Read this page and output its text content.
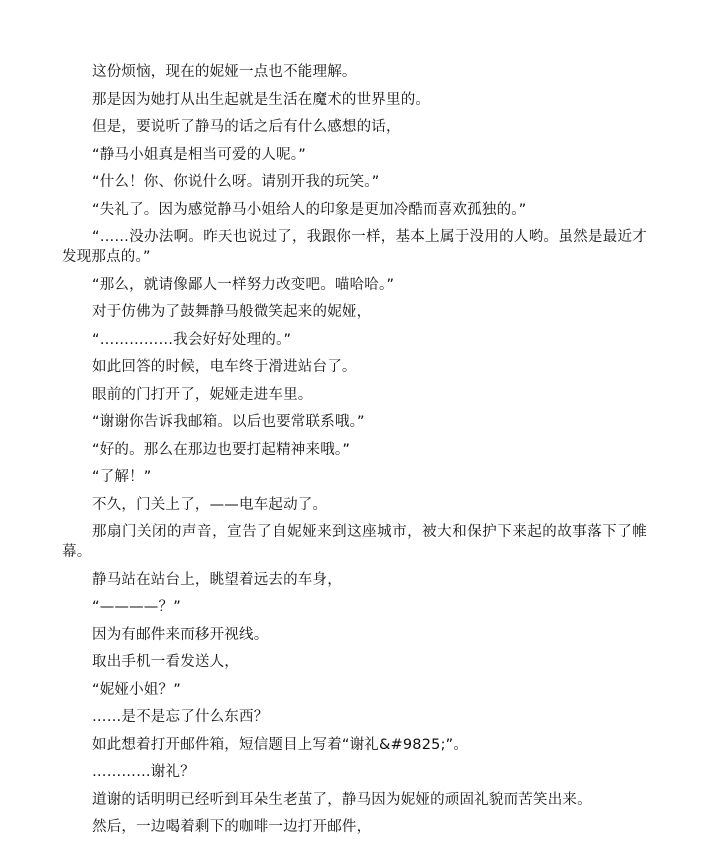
这份烦恼，现在的妮娅一点也不能理解。

那是因为她打从出生起就是生活在魔术的世界里的。

但是，要说听了静马的话之后有什么感想的话，

“静马小姐真是相当可爱的人呢。”

“什么！你、你说什么呀。请别开我的玩笑。”

“失礼了。因为感觉静马小姐给人的印象是更加冷酷而喜欢孤独的。”

“……没办法啊。昨天也说过了，我跟你一样，基本上属于没用的人哟。虽然是最近才发现那点的。”

“那么，就请像鄙人一样努力改变吧。喵哈哈。”

对于仿佛为了鼓舞静马般微笑起来的妮娅，

“……………我会好好处理的。”

如此回答的时候，电车终于滑进站台了。

眼前的门打开了，妮娅走进车里。

“谢谢你告诉我邮箱。以后也要常联系哦。”

“好的。那么在那边也要打起精神来哦。”

“了解！”

不久，门关上了，——电车起动了。

那扇门关闭的声音，宣告了自妮娅来到这座城市，被大和保护下来起的故事落下了帷幕。

静马站在站台上，眺望着远去的车身，

“————？”

因为有邮件来而移开视线。

取出手机一看发送人，

“妮娅小姐？”

……是不是忘了什么东西？

如此想着打开邮件箱，短信题目上写着“谢礼&#9825;”。

…………谢礼？

道谢的话明明已经听到耳朵生老茧了，静马因为妮娅的顽固礼貌而苦笑出来。

然后，一边喝着剩下的咖啡一边打开邮件，
